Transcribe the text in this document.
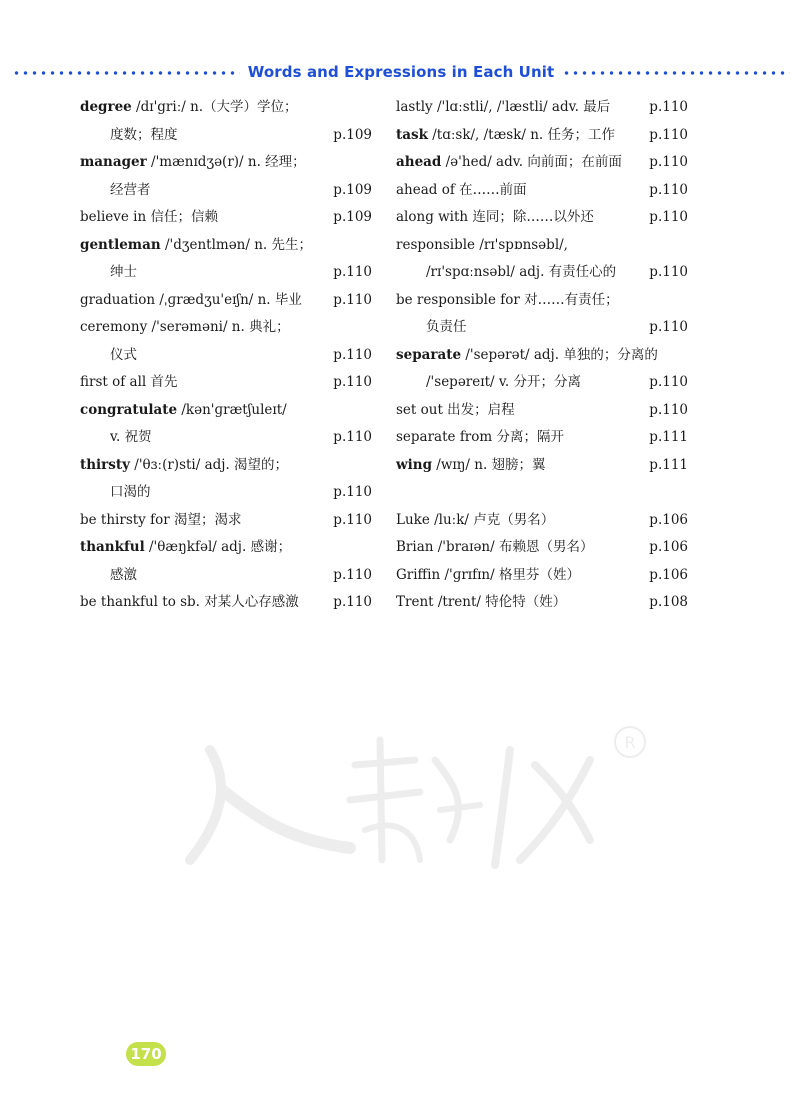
Words and Expressions in Each Unit
degree /dɪ'griː/ n.（大学）学位；
度数；程度	p.109
manager /'mænɪdʒə(r)/ n. 经理；
经营者	p.109
believe in 信任；信赖	p.109
gentleman /'dʒentlmən/ n. 先生；
绅士	p.110
graduation /ˌɡrædʒu'eɪʃn/ n. 毕业 p.110
ceremony /'serəməni/ n. 典礼；
仪式	p.110
first of all 首先	p.110
congratulate /kən'ɡrætʃuleɪt/
v. 祝贺	p.110
thirsty /'θɜː(r)sti/ adj. 渴望的；
口渴的	p.110
be thirsty for 渴望；渴求	p.110
thankful /'θæŋkfəl/ adj. 感谢；
感激	p.110
be thankful to sb. 对某人心存感激	p.110
lastly /'lɑːstli/, /'læstli/ adv. 最后	p.110
task /tɑːsk/, /tæsk/ n. 任务；工作	p.110
ahead /ə'hed/ adv. 向前面；在前面 p.110
ahead of 在……前面	p.110
along with 连同；除……以外还	p.110
responsible /rɪ'spɒnsəbl/,
/rɪ'spɑːnsəbl/ adj. 有责任心的 p.110
be responsible for 对……有责任；
负责任	p.110
separate /'sepərət/ adj. 单独的；分离的
/'sepəreɪt/ v. 分开；分离	p.110
set out 出发；启程	p.110
separate from 分离；隔开	p.111
wing /wɪŋ/ n. 翅膀；翼	p.111
Luke /luːk/ 卢克（男名）	p.106
Brian /'braɪən/ 布赖恩（男名）	p.106
Griffin /'ɡrɪfɪn/ 格里芬（姓）	p.106
Trent /trent/ 特伦特（姓）	p.108
R
170
